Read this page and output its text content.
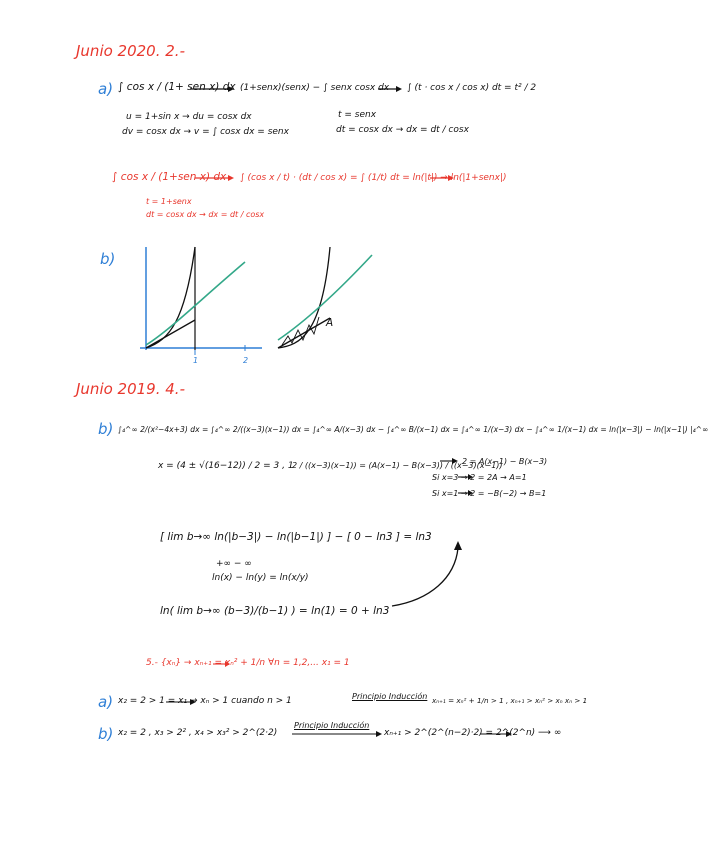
Junio 2020. 2.-
a) ∫ cos x / (1+ sen x) dx (1+senx)(senx) − ∫ senx cosx dx ∫ (t · cos x / cos x) dt = t² / 2
u = 1+sin x → du = cosx dx
dv = cosx dx → v = ∫ cosx dx = senx
t = senx
dt = cosx dx → dx = dt / cosx
∫ cos x / (1+sen x) dx ∫ (cos x / t) · (dt / cos x) = ∫ (1/t) dt = ln(|t|) → ln(|1+senx|)
t = 1+senx
dt = cosx dx → dx = dt / cosx
b)
1	2
A
Junio 2019. 4.-
b) ∫₄^∞ 2/(x²−4x+3) dx = ∫₄^∞ 2/((x−3)(x−1)) dx = ∫₄^∞ A/(x−3) dx − ∫₄^∞ B/(x−1) dx = ∫₄^∞ 1/(x−3) dx − ∫₄^∞ 1/(x−1) dx = ln(|x−3|) − ln(|x−1|) |₄^∞
x = (4 ± √(16−12)) / 2 = 3 , 1
2 / ((x−3)(x−1)) = (A(x−1) − B(x−3)) / ((x−3)(x−1))
2 = A(x−1) − B(x−3)
Si x=3 → 2 = 2A → A=1
Si x=1 → 2 = −B(−2) → B=1
[ lim b→∞ ln(|b−3|) − ln(|b−1|) ] − [ 0 − ln3 ] = ln3
+∞ − ∞
ln(x) − ln(y) = ln(x/y)
ln( lim b→∞ (b−3)/(b−1) ) = ln(1) = 0 + ln3
5.- {xₙ} → xₙ₊₁ = xₙ² + 1/n ∀n = 1,2,... x₁ = 1
a) x₂ = 2 > 1 = x₁ → xₙ > 1 cuando n > 1	Principio Inducción xₙ₊₁ = xₙ² + 1/n > 1 , xₙ₊₁ > xₙ² > xₙ xₙ > 1
b) x₂ = 2 , x₃ > 2² , x₄ > x₃² > 2^(2·2)
Principio Inducción
xₙ₊₁ > 2^(2^(n−2)·2) = 2^(2^n) ⟶ ∞
